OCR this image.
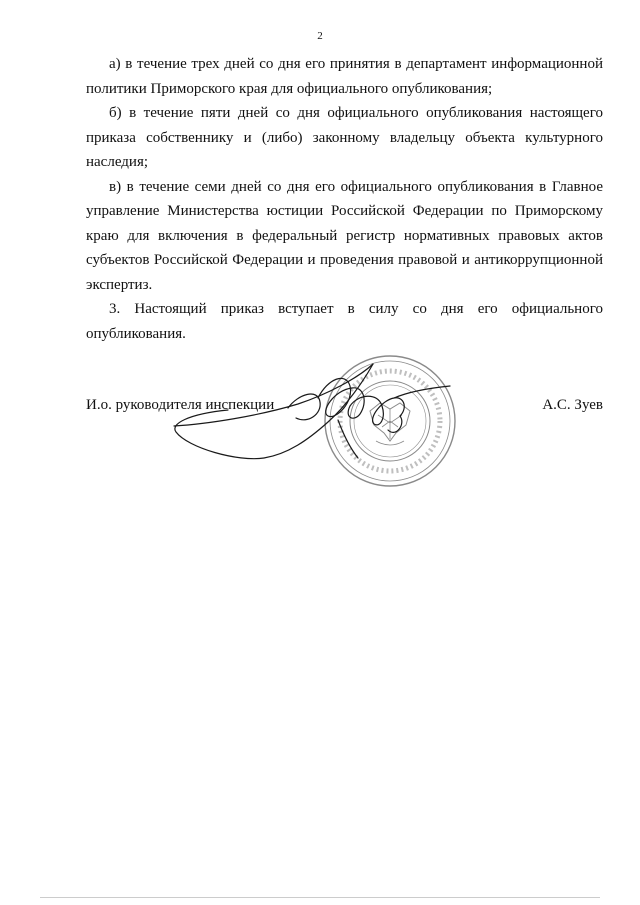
2

а) в течение трех дней со дня его принятия в департамент информационной политики Приморского края для официального опубликования;

б) в течение пяти дней со дня официального опубликования настоящего приказа собственнику и (либо) законному владельцу объекта культурного наследия;

в) в течение семи дней со дня его официального опубликования в Главное управление Министерства юстиции Российской Федерации по Приморскому краю для включения в федеральный регистр нормативных правовых актов субъектов Российской Федерации и проведения правовой и антикоррупционной экспертиз.

3. Настоящий приказ вступает в силу со дня его официального опубликования.

И.о. руководителя инспекции	А.С. Зуев
